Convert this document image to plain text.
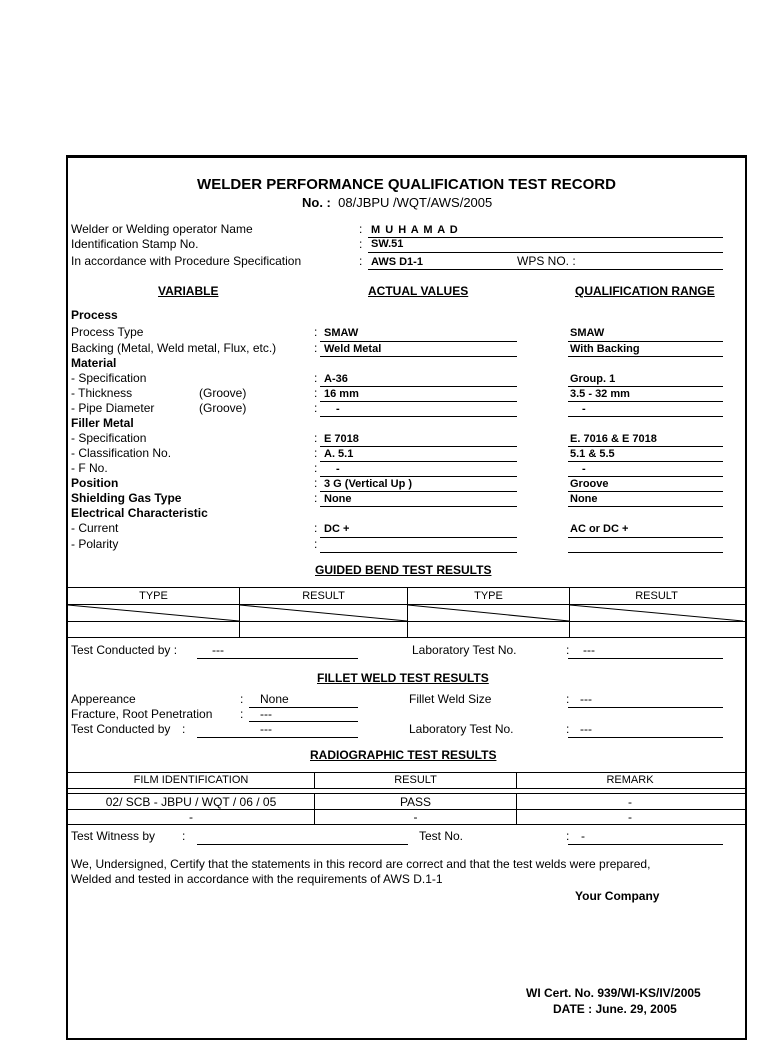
WELDER PERFORMANCE QUALIFICATION TEST RECORD
No. : 08/JBPU /WQT/AWS/2005
Welder or Welding operator Name	: M U H A M A D
Identification Stamp No.	: SW.51
In accordance with Procedure Specification	: AWS D1-1	WPS NO. :
VARIABLE	ACTUAL VALUES	QUALIFICATION RANGE
Process
Process Type	: SMAW	SMAW
Backing (Metal, Weld metal, Flux, etc.)	: Weld Metal	With Backing
Material
- Specification	: A-36	Group. 1
- Thickness	(Groove)	: 16 mm	3.5 - 32 mm
- Pipe Diameter	(Groove)	: -	-
Filler Metal
- Specification	: E 7018	E. 7016 & E 7018
- Classification No.	: A. 5.1	5.1 & 5.5
- F No.	: -	-
Position	: 3 G (Vertical Up )	Groove
Shielding Gas Type	: None	None
Electrical Characteristic
- Current	: DC +	AC or DC +
- Polarity	:
GUIDED BEND TEST RESULTS
TYPE	RESULT	TYPE	RESULT
Test Conducted by :	---	Laboratory Test No.	: ---
FILLET WELD TEST RESULTS
Appereance	: None	Fillet Weld Size	: ---
Fracture, Root Penetration : ---
Test Conducted by :	---	Laboratory Test No.	: ---
RADIOGRAPHIC TEST RESULTS
FILM IDENTIFICATION	RESULT	REMARK
02/ SCB - JBPU / WQT / 06 / 05	PASS	-
-	-	-
Test Witness by :	Test No.	: -
We, Undersigned, Certify that the statements in this record are correct and that the test welds were prepared,
Welded and tested in accordance with the requirements of AWS D.1-1
Your Company
WI Cert. No. 939/WI-KS/IV/2005
DATE : June. 29, 2005
